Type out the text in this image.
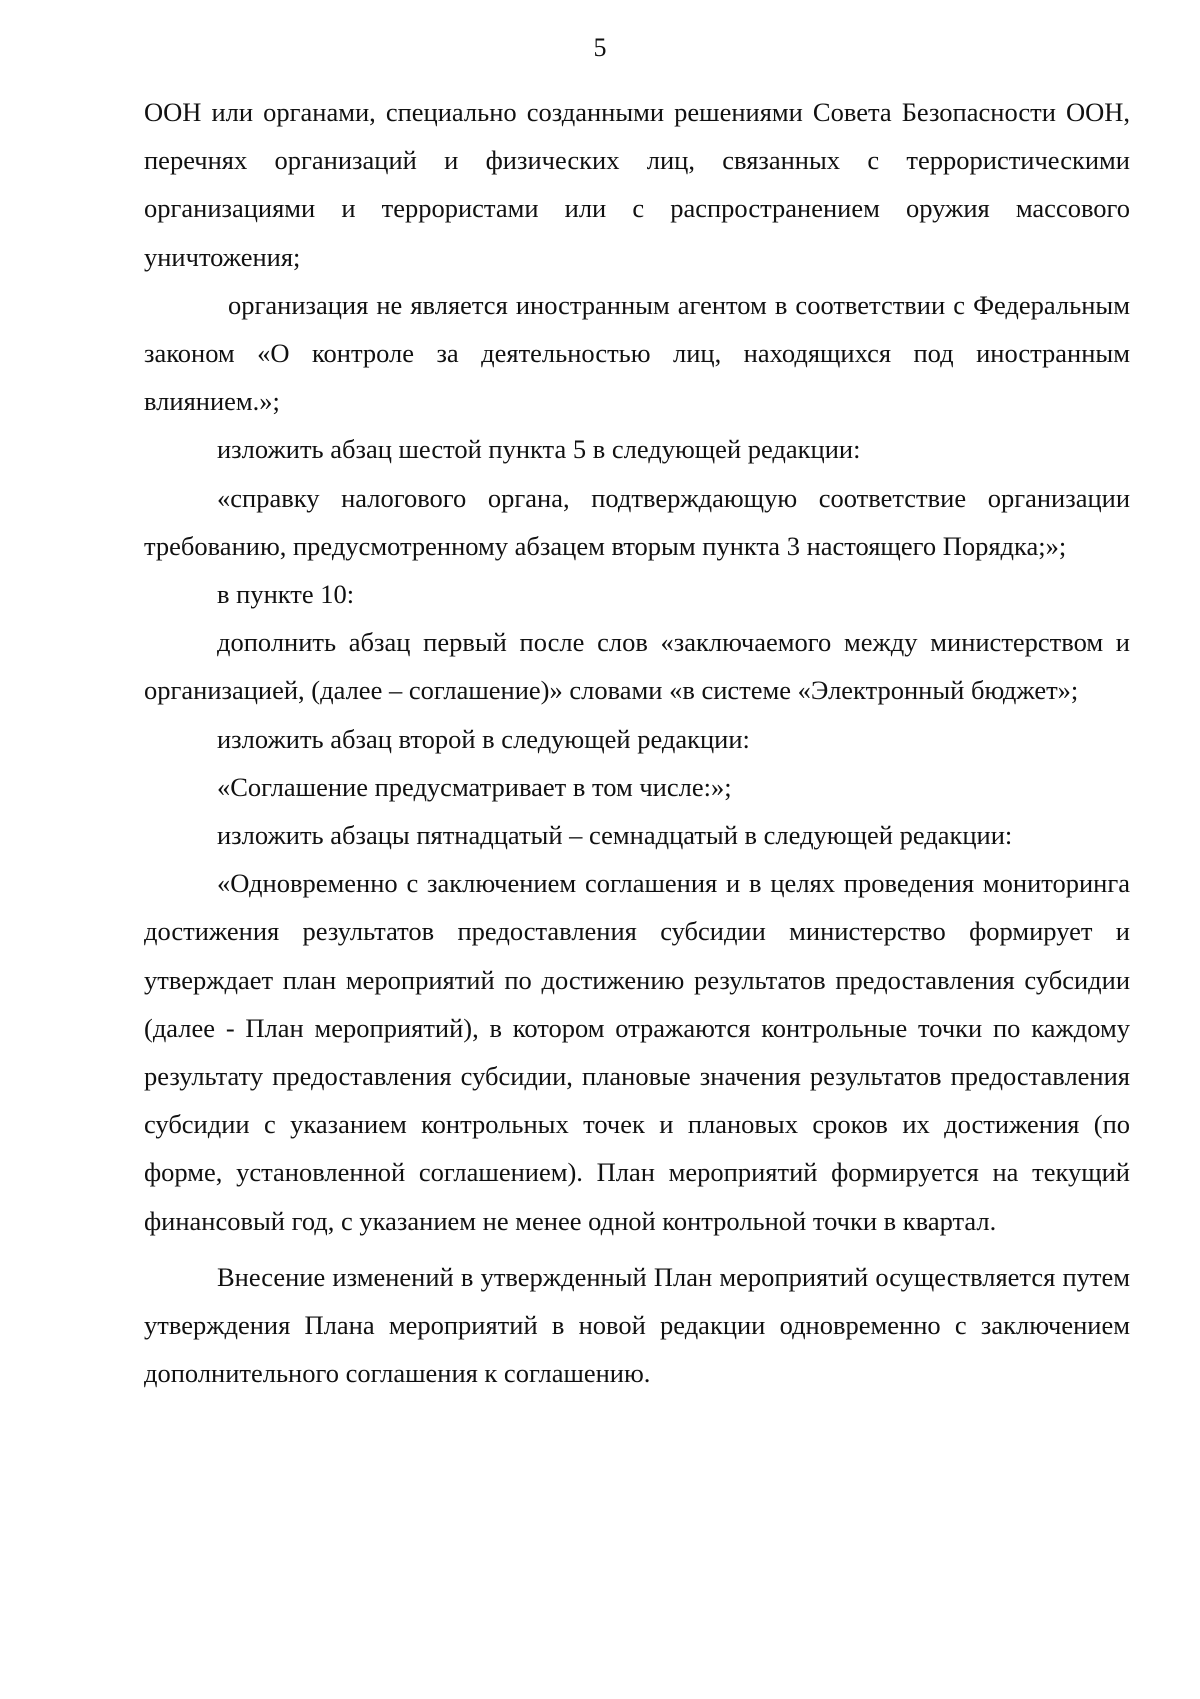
5

ООН или органами, специально созданными решениями Совета Безопасности ООН, перечнях организаций и физических лиц, связанных с террористическими организациями и террористами или с распространением оружия массового уничтожения;

организация не является иностранным агентом в соответствии с Федеральным законом «О контроле за деятельностью лиц, находящихся под иностранным влиянием.»;

изложить абзац шестой пункта 5 в следующей редакции:

«справку налогового органа, подтверждающую соответствие организации требованию, предусмотренному абзацем вторым пункта 3 настоящего Порядка;»;

в пункте 10:

дополнить абзац первый после слов «заключаемого между министерством и организацией, (далее – соглашение)» словами «в системе «Электронный бюджет»;

изложить абзац второй в следующей редакции:

«Соглашение предусматривает в том числе:»;

изложить абзацы пятнадцатый – семнадцатый в следующей редакции:

«Одновременно с заключением соглашения и в целях проведения мониторинга достижения результатов предоставления субсидии министерство формирует и утверждает план мероприятий по достижению результатов предоставления субсидии (далее - План мероприятий), в котором отражаются контрольные точки по каждому результату предоставления субсидии, плановые значения результатов предоставления субсидии с указанием контрольных точек и плановых сроков их достижения (по форме, установленной соглашением). План мероприятий формируется на текущий финансовый год, с указанием не менее одной контрольной точки в квартал.

Внесение изменений в утвержденный План мероприятий осуществляется путем утверждения Плана мероприятий в новой редакции одновременно с заключением дополнительного соглашения к соглашению.
